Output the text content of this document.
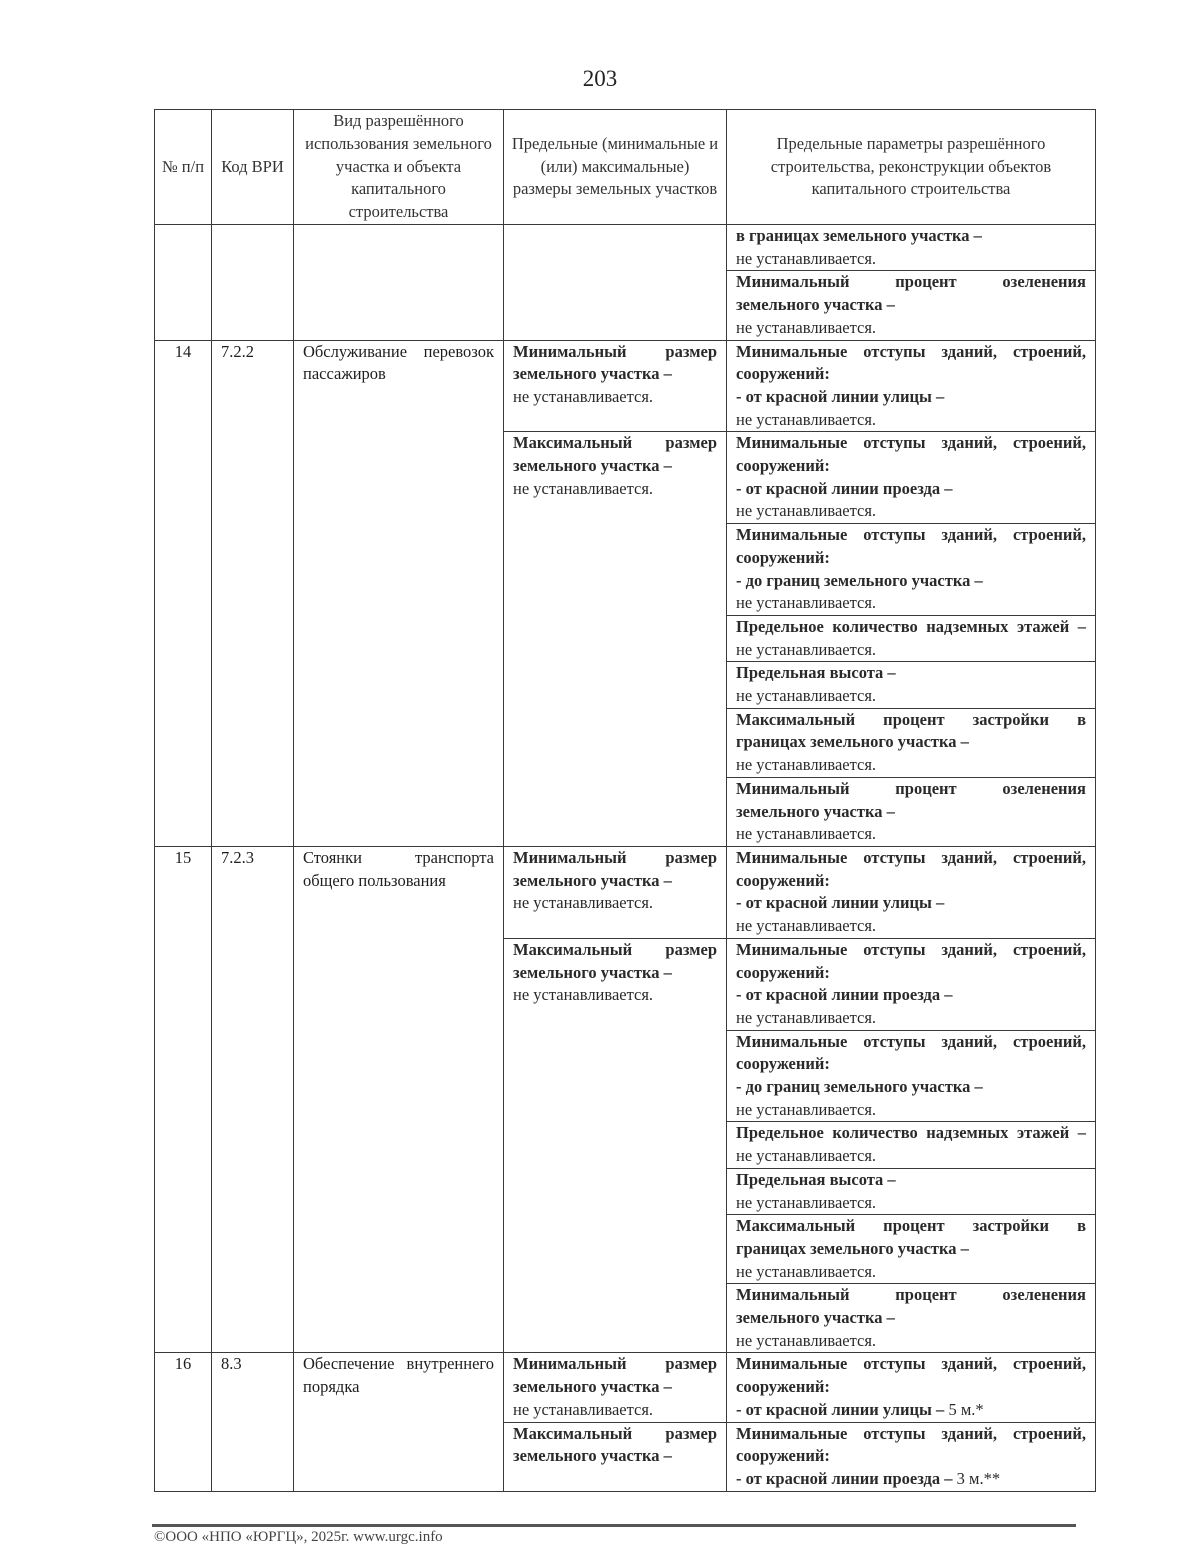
203
№ п/п	Код ВРИ	Вид разрешённого использования земельного участка и объекта капитального строительства	Предельные (минимальные и (или) максимальные) размеры земельных участков	Предельные параметры разрешённого строительства, реконструкции объектов капитального строительства
				в границах земельного участка –
не устанавливается.
				Минимальный процент озеленения земельного участка –
не устанавливается.
14	7.2.2	Обслуживание перевозок пассажиров	Минимальный размер земельного участка –
не устанавливается.	Минимальные отступы зданий, строений, сооружений:
- от красной линии улицы –
не устанавливается.
			Максимальный размер земельного участка –
не устанавливается.	Минимальные отступы зданий, строений, сооружений:
- от красной линии проезда –
не устанавливается.
				Минимальные отступы зданий, строений, сооружений:
- до границ земельного участка –
не устанавливается.
				Предельное количество надземных этажей – не устанавливается.
				Предельная высота –
не устанавливается.
				Максимальный процент застройки в границах земельного участка –
не устанавливается.
				Минимальный процент озеленения земельного участка –
не устанавливается.
15	7.2.3	Стоянки транспорта общего пользования	Минимальный размер земельного участка –
не устанавливается.	Минимальные отступы зданий, строений, сооружений:
- от красной линии улицы –
не устанавливается.
			Максимальный размер земельного участка –
не устанавливается.	Минимальные отступы зданий, строений, сооружений:
- от красной линии проезда –
не устанавливается.
				Минимальные отступы зданий, строений, сооружений:
- до границ земельного участка –
не устанавливается.
				Предельное количество надземных этажей – не устанавливается.
				Предельная высота –
не устанавливается.
				Максимальный процент застройки в границах земельного участка –
не устанавливается.
				Минимальный процент озеленения земельного участка –
не устанавливается.
16	8.3	Обеспечение внутреннего порядка	Минимальный размер земельного участка –
не устанавливается.	Минимальные отступы зданий, строений, сооружений:
- от красной линии улицы – 5 м.*
			Максимальный размер земельного участка –	Минимальные отступы зданий, строений, сооружений:
- от красной линии проезда – 3 м.**
©ООО «НПО «ЮРГЦ», 2025г. www.urgc.info
